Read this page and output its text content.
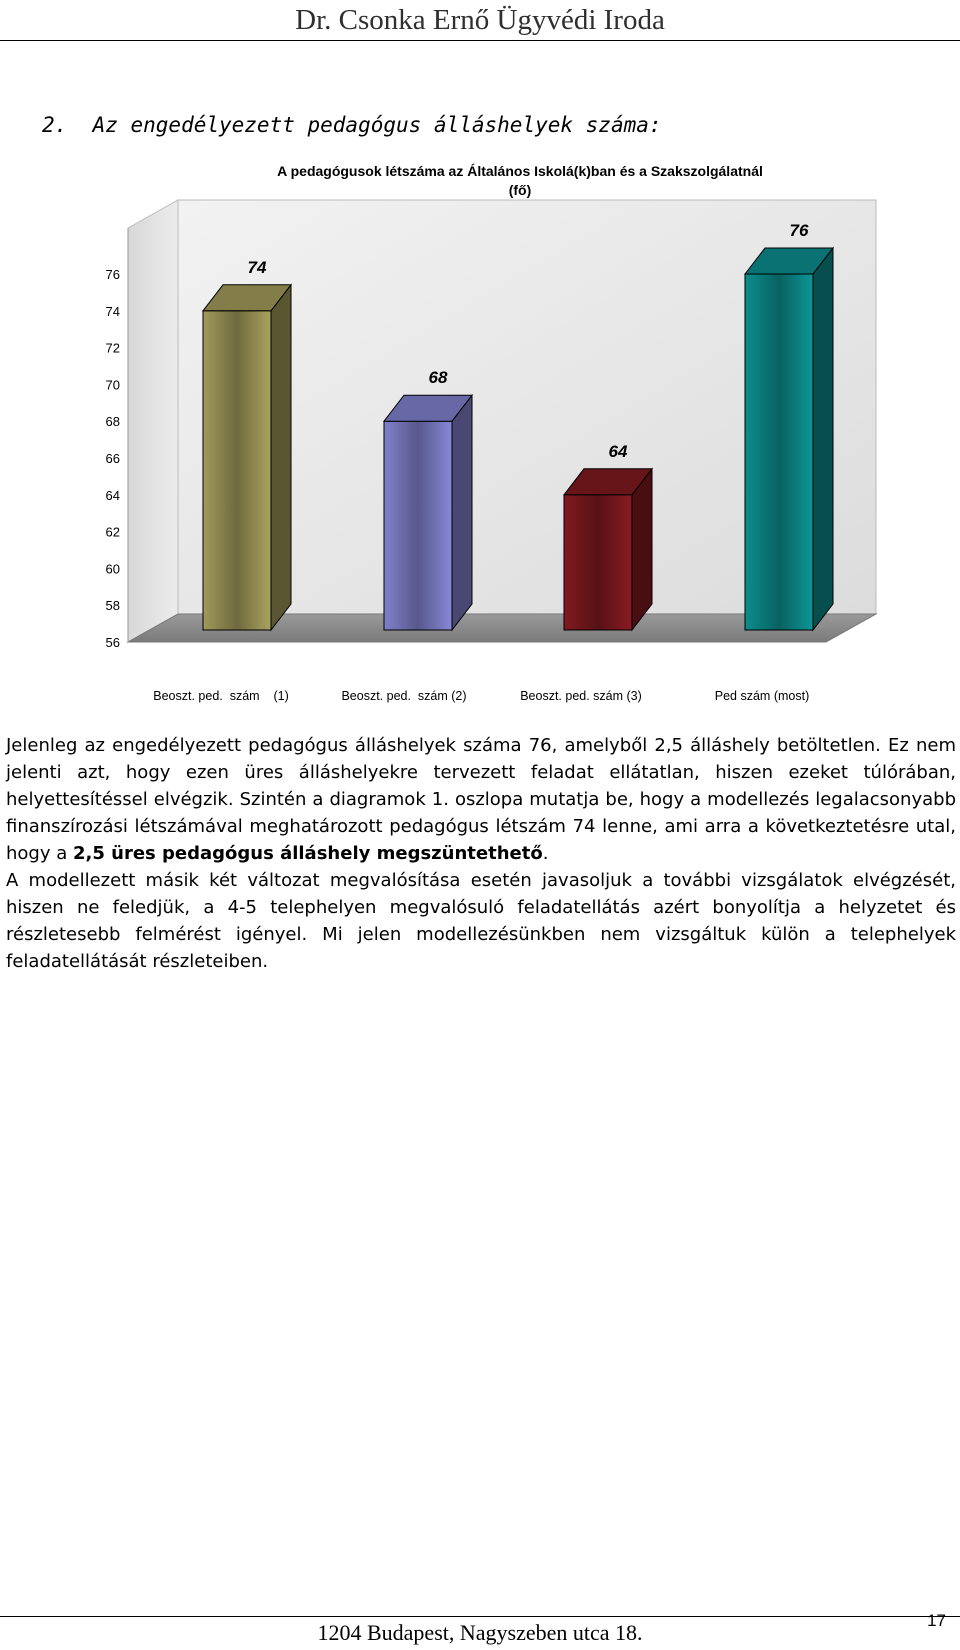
Dr. Csonka Ernő Ügyvédi Iroda
2.  Az engedélyezett pedagógus álláshelyek száma:
A pedagógusok létszáma az Általános Iskolá(k)ban és a Szakszolgálatnál
(fő)
56
58
60
62
64
66
68
70
72
74
76	74
Beoszt. ped.  szám    (1)
68
Beoszt. ped.  szám (2)
64
Beoszt. ped. szám (3)
76
Ped szám (most)

Jelenleg az engedélyezett pedagógus álláshelyek száma 76, amelyből 2,5 álláshely betöltetlen. Ez nem jelenti azt, hogy ezen üres álláshelyekre tervezett feladat ellátatlan, hiszen ezeket túlórában, helyettesítéssel elvégzik. Szintén a diagramok 1. oszlopa mutatja be, hogy a modellezés legalacsonyabb finanszírozási létszámával meghatározott pedagógus létszám 74 lenne, ami arra a következtetésre utal, hogy a 2,5 üres pedagógus álláshely megszüntethető.

A modellezett másik két változat megvalósítása esetén javasoljuk a további vizsgálatok elvégzését, hiszen ne feledjük, a 4-5 telephelyen megvalósuló feladatellátás azért bonyolítja a helyzetet és részletesebb felmérést igényel. Mi jelen modellezésünkben nem vizsgáltuk külön a telephelyek feladatellátását részleteiben.

1204 Budapest, Nagyszeben utca 18.	17
